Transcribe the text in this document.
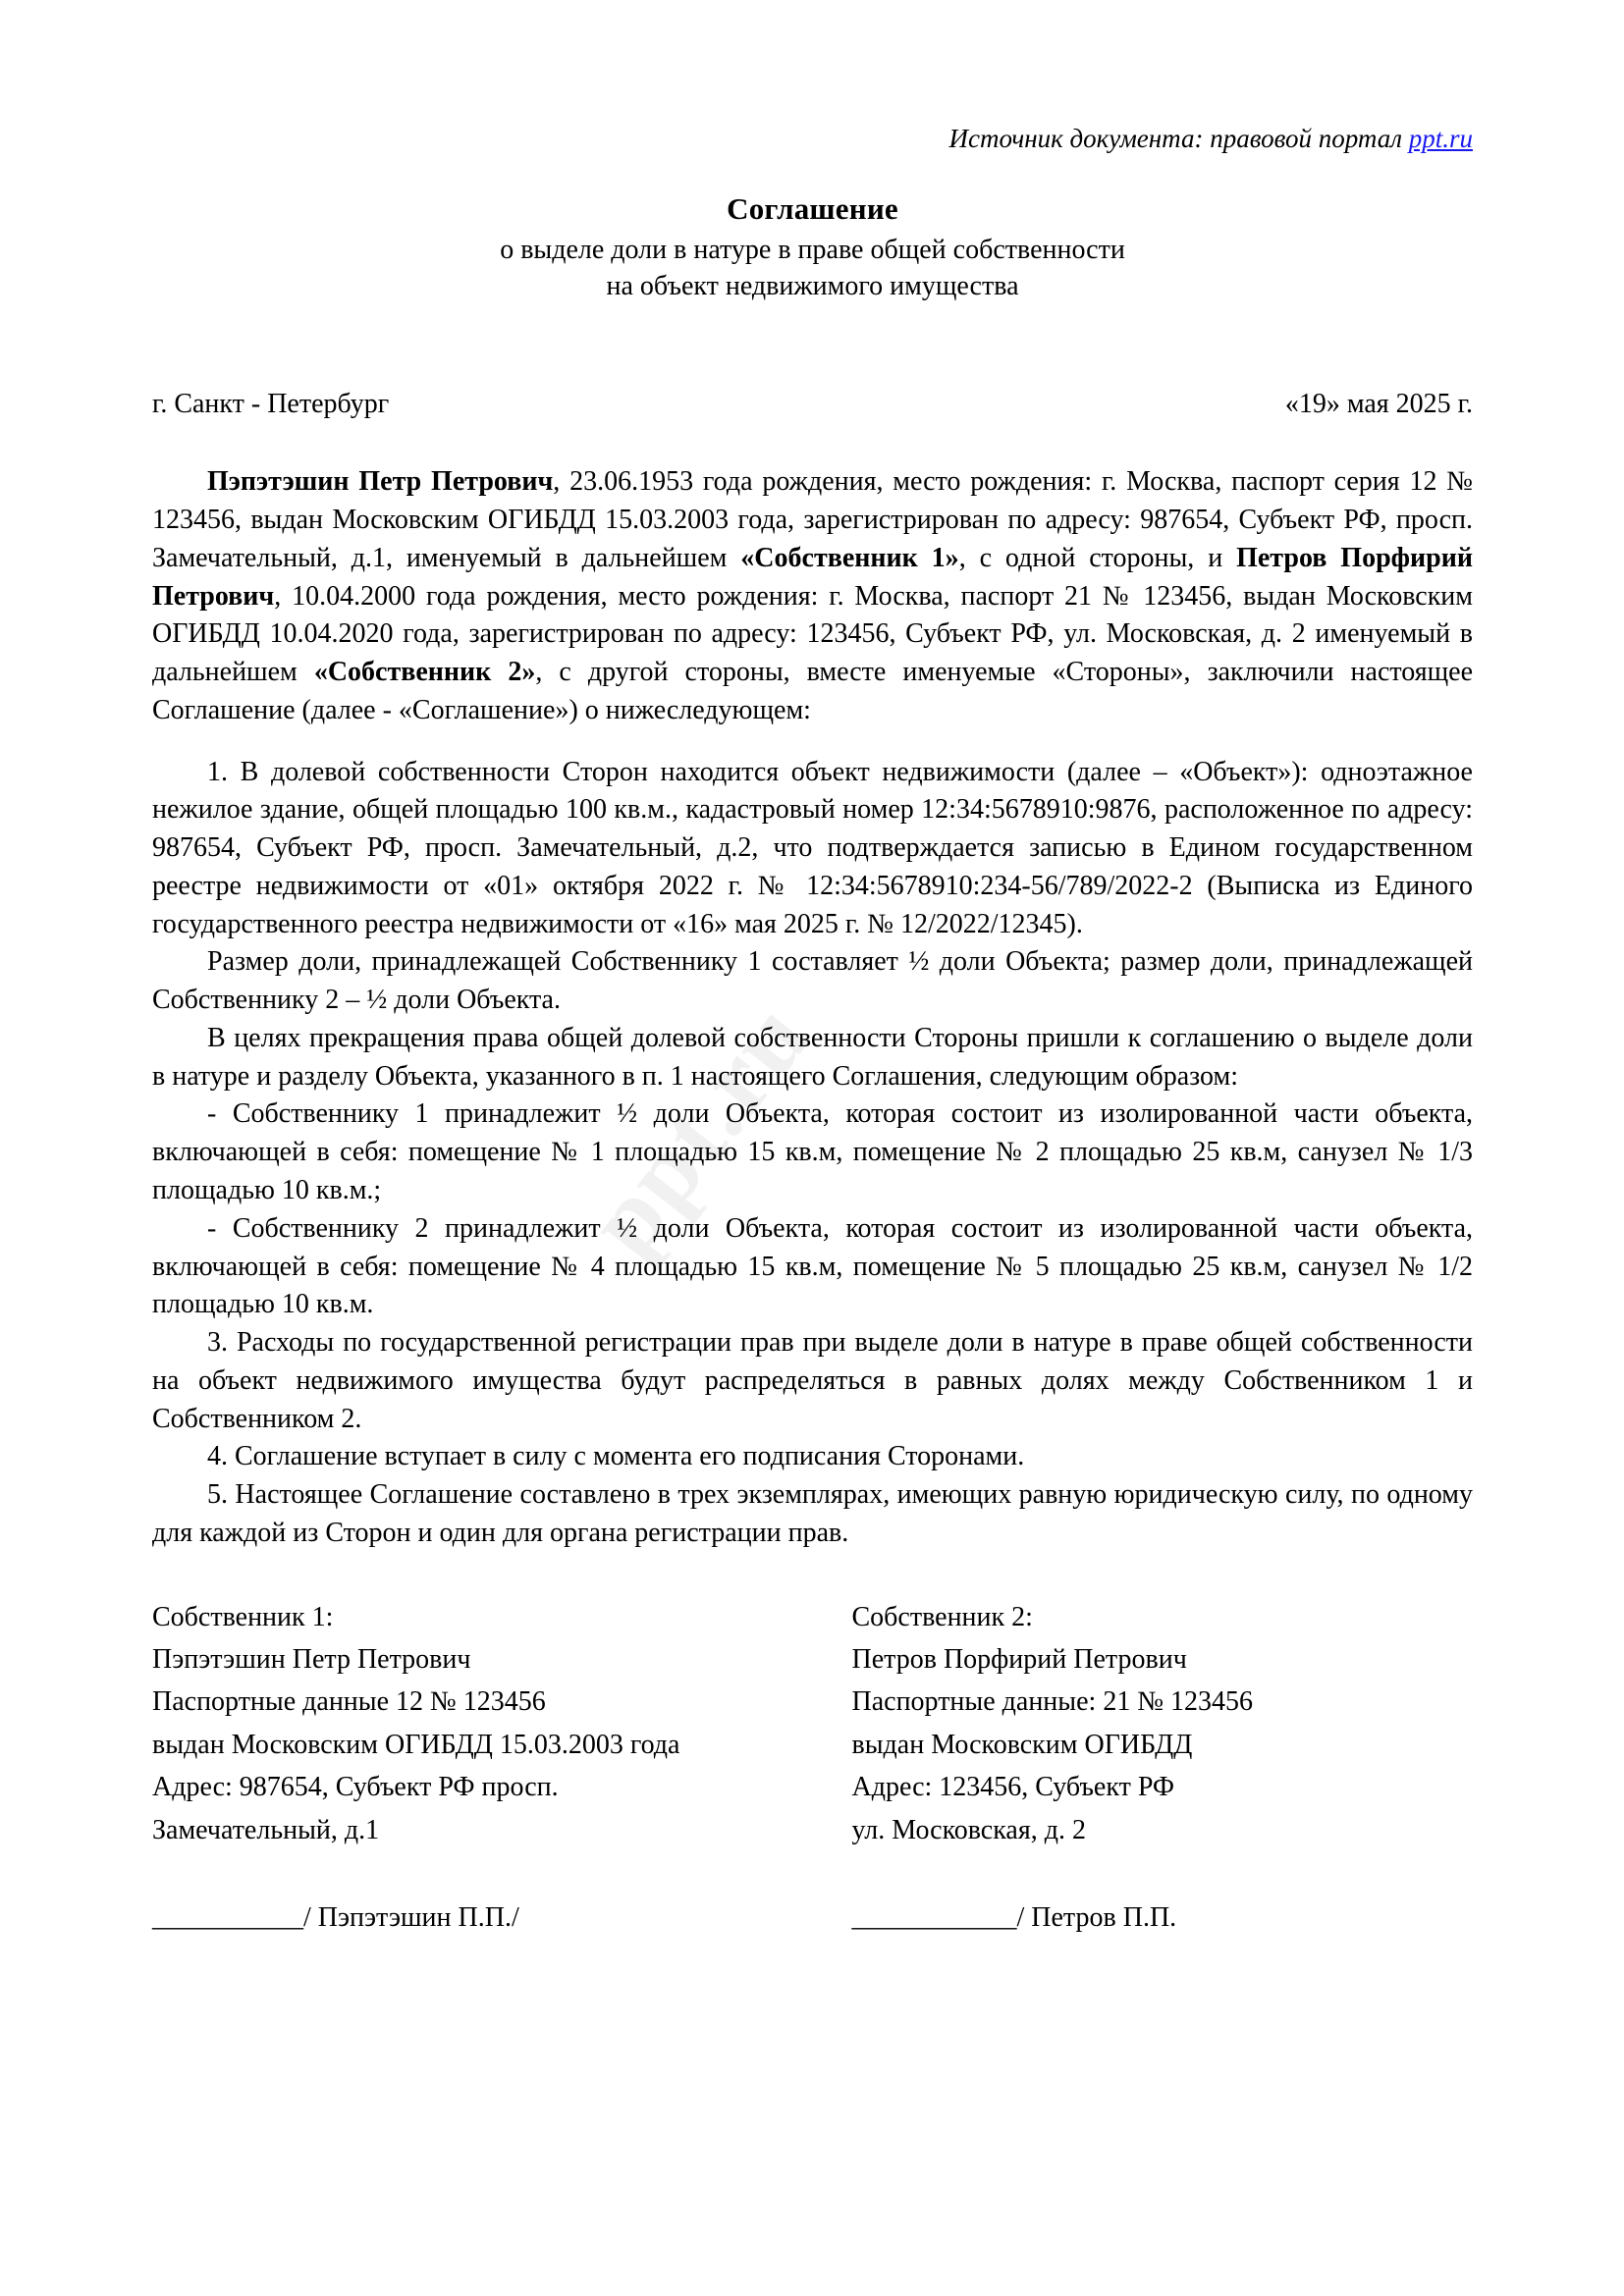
ppt.ru
Источник документа: правовой портал ppt.ru
Соглашение
о выделе доли в натуре в праве общей собственности
на объект недвижимого имущества
г. Санкт - Петербург	«19» мая 2025 г.

Пэпэтэшин Петр Петрович, 23.06.1953 года рождения, место рождения: г. Москва, паспорт серия 12 № 123456, выдан Московским ОГИБДД 15.03.2003 года, зарегистрирован по адресу: 987654, Субъект РФ, просп. Замечательный, д.1, именуемый в дальнейшем «Собственник 1», с одной стороны, и Петров Порфирий Петрович, 10.04.2000 года рождения, место рождения: г. Москва, паспорт 21 № 123456, выдан Московским ОГИБДД 10.04.2020 года, зарегистрирован по адресу: 123456, Субъект РФ, ул. Московская, д. 2 именуемый в дальнейшем «Собственник 2», с другой стороны, вместе именуемые «Стороны», заключили настоящее Соглашение (далее - «Соглашение») о нижеследующем:

1. В долевой собственности Сторон находится объект недвижимости (далее – «Объект»): одноэтажное нежилое здание, общей площадью 100 кв.м., кадастровый номер 12:34:5678910:9876, расположенное по адресу: 987654, Субъект РФ, просп. Замечательный, д.2, что подтверждается записью в Едином государственном реестре недвижимости от «01» октября 2022 г. № 12:34:5678910:234-56/789/2022-2 (Выписка из Единого государственного реестра недвижимости от «16» мая 2025 г. № 12/2022/12345).

Размер доли, принадлежащей Собственнику 1 составляет ½ доли Объекта; размер доли, принадлежащей Собственнику 2 – ½ доли Объекта.

В целях прекращения права общей долевой собственности Стороны пришли к соглашению о выделе доли в натуре и разделу Объекта, указанного в п. 1 настоящего Соглашения, следующим образом:

- Собственнику 1 принадлежит ½ доли Объекта, которая состоит из изолированной части объекта, включающей в себя: помещение № 1 площадью 15 кв.м, помещение № 2 площадью 25 кв.м, санузел № 1/3 площадью 10 кв.м.;

- Собственнику 2 принадлежит ½ доли Объекта, которая состоит из изолированной части объекта, включающей в себя: помещение № 4 площадью 15 кв.м, помещение № 5 площадью 25 кв.м, санузел № 1/2 площадью 10 кв.м.

3. Расходы по государственной регистрации прав при выделе доли в натуре в праве общей собственности на объект недвижимого имущества будут распределяться в равных долях между Собственником 1 и Собственником 2.

4. Соглашение вступает в силу с момента его подписания Сторонами.

5. Настоящее Соглашение составлено в трех экземплярах, имеющих равную юридическую силу, по одному для каждой из Сторон и один для органа регистрации прав.

Собственник 1:
Пэпэтэшин Петр Петрович
Паспортные данные 12 № 123456
выдан Московским ОГИБДД 15.03.2003 года
Адрес: 987654, Субъект РФ просп.
Замечательный, д.1
Собственник 2:
Петров Порфирий Петрович
Паспортные данные: 21 № 123456
выдан Московским ОГИБДД
Адрес: 123456, Субъект РФ
ул. Московская, д. 2
___________/ Пэпэтэшин П.П./	____________/ Петров П.П.
